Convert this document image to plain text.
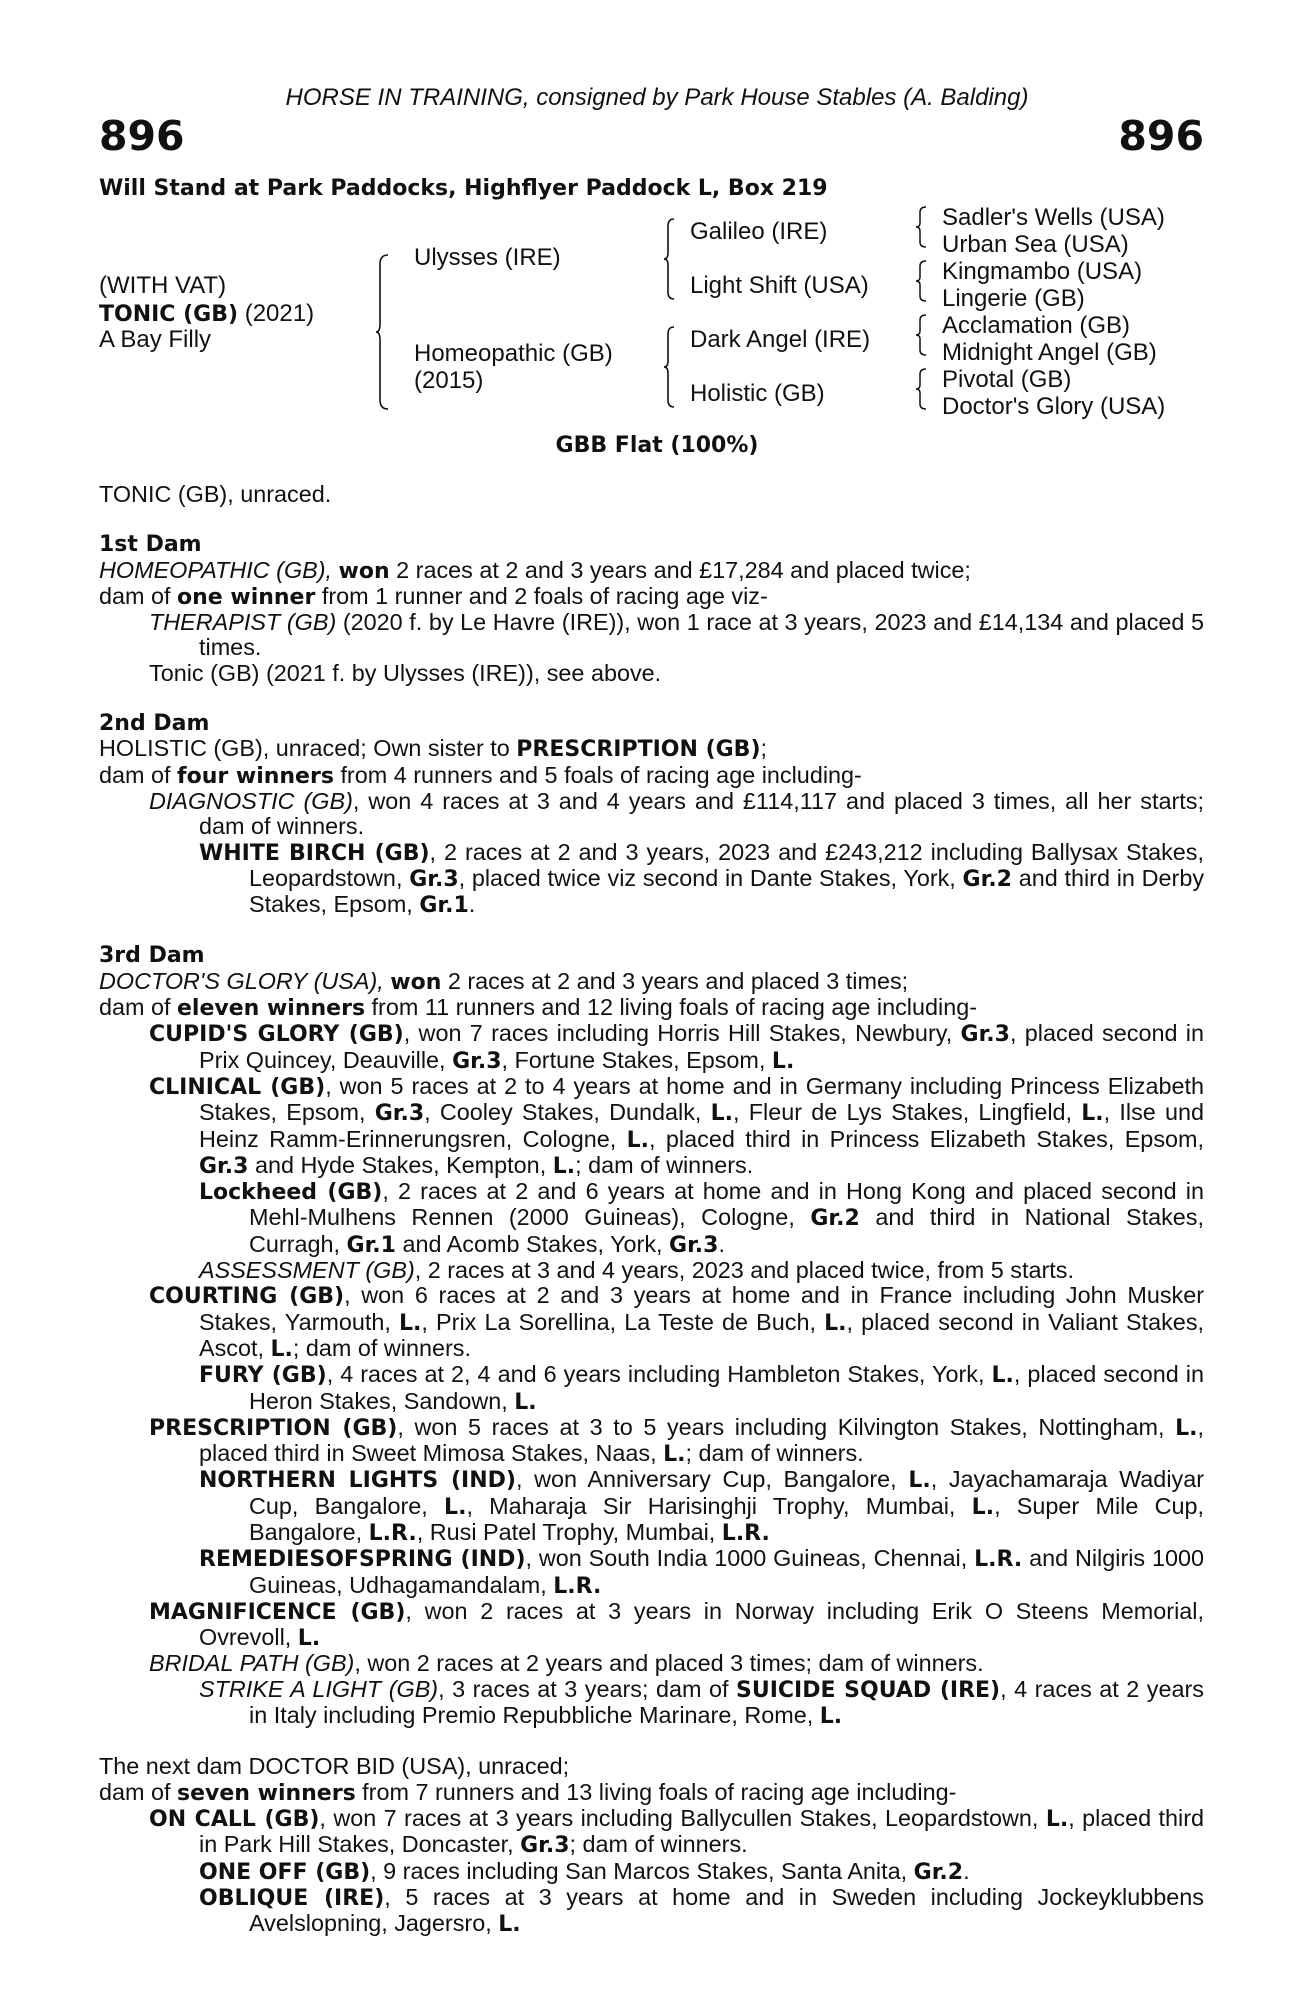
HORSE IN TRAINING, consigned by Park House Stables (A. Balding)
896	896
Will Stand at Park Paddocks, Highflyer Paddock L, Box 219
(WITH VAT)
TONIC (GB) (2021)
A Bay Filly
Ulysses (IRE)
Homeopathic (GB)
(2015)
Galileo (IRE)
Light Shift (USA)
Dark Angel (IRE)
Holistic (GB)
Sadler's Wells (USA)
Urban Sea (USA)
Kingmambo (USA)
Lingerie (GB)
Acclamation (GB)
Midnight Angel (GB)
Pivotal (GB)
Doctor's Glory (USA)
GBB Flat (100%)

TONIC (GB), unraced.

1st Dam

HOMEOPATHIC (GB), won 2 races at 2 and 3 years and £17,284 and placed twice;

dam of one winner from 1 runner and 2 foals of racing age viz-

THERAPIST (GB) (2020 f. by Le Havre (IRE)), won 1 race at 3 years, 2023 and £14,134 and placed 5 times.

Tonic (GB) (2021 f. by Ulysses (IRE)), see above.

2nd Dam

HOLISTIC (GB), unraced; Own sister to PRESCRIPTION (GB);

dam of four winners from 4 runners and 5 foals of racing age including-

DIAGNOSTIC (GB), won 4 races at 3 and 4 years and £114,117 and placed 3 times, all her starts; dam of winners.

WHITE BIRCH (GB), 2 races at 2 and 3 years, 2023 and £243,212 including Ballysax Stakes, Leopardstown, Gr.3, placed twice viz second in Dante Stakes, York, Gr.2 and third in Derby Stakes, Epsom, Gr.1.

3rd Dam

DOCTOR'S GLORY (USA), won 2 races at 2 and 3 years and placed 3 times;

dam of eleven winners from 11 runners and 12 living foals of racing age including-

CUPID'S GLORY (GB), won 7 races including Horris Hill Stakes, Newbury, Gr.3, placed second in Prix Quincey, Deauville, Gr.3, Fortune Stakes, Epsom, L.

CLINICAL (GB), won 5 races at 2 to 4 years at home and in Germany including Princess Elizabeth Stakes, Epsom, Gr.3, Cooley Stakes, Dundalk, L., Fleur de Lys Stakes, Lingfield, L., Ilse und Heinz Ramm-Erinnerungsren, Cologne, L., placed third in Princess Elizabeth Stakes, Epsom, Gr.3 and Hyde Stakes, Kempton, L.; dam of winners.

Lockheed (GB), 2 races at 2 and 6 years at home and in Hong Kong and placed second in Mehl-Mulhens Rennen (2000 Guineas), Cologne, Gr.2 and third in National Stakes, Curragh, Gr.1 and Acomb Stakes, York, Gr.3.

ASSESSMENT (GB), 2 races at 3 and 4 years, 2023 and placed twice, from 5 starts.

COURTING (GB), won 6 races at 2 and 3 years at home and in France including John Musker Stakes, Yarmouth, L., Prix La Sorellina, La Teste de Buch, L., placed second in Valiant Stakes, Ascot, L.; dam of winners.

FURY (GB), 4 races at 2, 4 and 6 years including Hambleton Stakes, York, L., placed second in Heron Stakes, Sandown, L.

PRESCRIPTION (GB), won 5 races at 3 to 5 years including Kilvington Stakes, Nottingham, L., placed third in Sweet Mimosa Stakes, Naas, L.; dam of winners.

NORTHERN LIGHTS (IND), won Anniversary Cup, Bangalore, L., Jayachamaraja Wadiyar Cup, Bangalore, L., Maharaja Sir Harisinghji Trophy, Mumbai, L., Super Mile Cup, Bangalore, L.R., Rusi Patel Trophy, Mumbai, L.R.

REMEDIESOFSPRING (IND), won South India 1000 Guineas, Chennai, L.R. and Nilgiris 1000 Guineas, Udhagamandalam, L.R.

MAGNIFICENCE (GB), won 2 races at 3 years in Norway including Erik O Steens Memorial, Ovrevoll, L.

BRIDAL PATH (GB), won 2 races at 2 years and placed 3 times; dam of winners.

STRIKE A LIGHT (GB), 3 races at 3 years; dam of SUICIDE SQUAD (IRE), 4 races at 2 years in Italy including Premio Repubbliche Marinare, Rome, L.

The next dam DOCTOR BID (USA), unraced;

dam of seven winners from 7 runners and 13 living foals of racing age including-

ON CALL (GB), won 7 races at 3 years including Ballycullen Stakes, Leopardstown, L., placed third in Park Hill Stakes, Doncaster, Gr.3; dam of winners.

ONE OFF (GB), 9 races including San Marcos Stakes, Santa Anita, Gr.2.

OBLIQUE (IRE), 5 races at 3 years at home and in Sweden including Jockeyklubbens Avelslopning, Jagersro, L.
